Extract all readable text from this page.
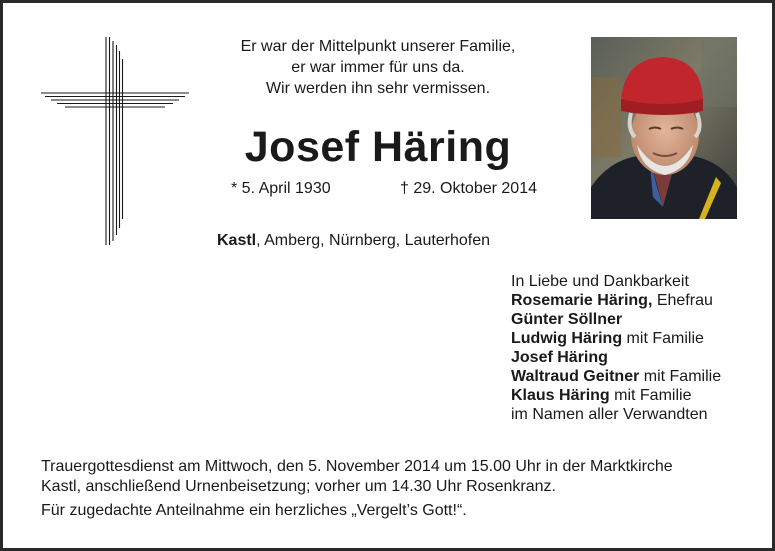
Er war der Mittelpunkt unserer Familie,
er war immer für uns da.
Wir werden ihn sehr vermissen.
Josef Häring
* 5. April 1930	† 29. Oktober 2014
Kastl, Amberg, Nürnberg, Lauterhofen
In Liebe und Dankbarkeit
Rosemarie Häring, Ehefrau
Günter Söllner
Ludwig Häring mit Familie
Josef Häring
Waltraud Geitner mit Familie
Klaus Häring mit Familie
im Namen aller Verwandten
Trauergottesdienst am Mittwoch, den 5. November 2014 um 15.00 Uhr in der Marktkirche
Kastl, anschließend Urnenbeisetzung; vorher um 14.30 Uhr Rosenkranz.
Für zugedachte Anteilnahme ein herzliches „Vergelt’s Gott!“.
